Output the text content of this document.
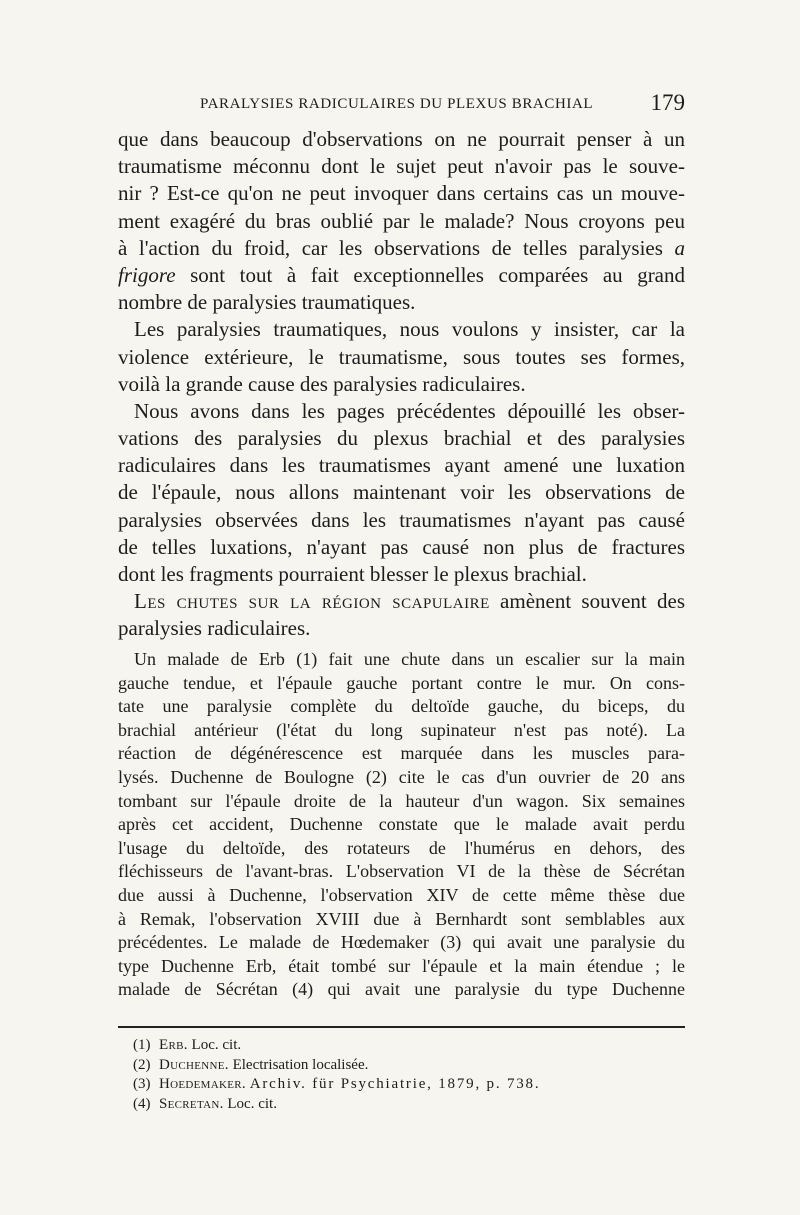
PARALYSIES RADICULAIRES DU PLEXUS BRACHIAL 179
que dans beaucoup d'observations on ne pourrait penser à un
traumatisme méconnu dont le sujet peut n'avoir pas le souve-
nir ? Est-ce qu'on ne peut invoquer dans certains cas un mouve-
ment exagéré du bras oublié par le malade? Nous croyons peu
à l'action du froid, car les observations de telles paralysies a
frigore sont tout à fait exceptionnelles comparées au grand
nombre de paralysies traumatiques.
Les paralysies traumatiques, nous voulons y insister, car la
violence extérieure, le traumatisme, sous toutes ses formes,
voilà la grande cause des paralysies radiculaires.
Nous avons dans les pages précédentes dépouillé les obser-
vations des paralysies du plexus brachial et des paralysies
radiculaires dans les traumatismes ayant amené une luxation
de l'épaule, nous allons maintenant voir les observations de
paralysies observées dans les traumatismes n'ayant pas causé
de telles luxations, n'ayant pas causé non plus de fractures
dont les fragments pourraient blesser le plexus brachial.
Les chutes sur la région scapulaire amènent souvent des
paralysies radiculaires.
Un malade de Erb (1) fait une chute dans un escalier sur la main
gauche tendue, et l'épaule gauche portant contre le mur. On cons-
tate une paralysie complète du deltoïde gauche, du biceps, du
brachial antérieur (l'état du long supinateur n'est pas noté). La
réaction de dégénérescence est marquée dans les muscles para-
lysés. Duchenne de Boulogne (2) cite le cas d'un ouvrier de 20 ans
tombant sur l'épaule droite de la hauteur d'un wagon. Six semaines
après cet accident, Duchenne constate que le malade avait perdu
l'usage du deltoïde, des rotateurs de l'humérus en dehors, des
fléchisseurs de l'avant-bras. L'observation VI de la thèse de Sécrétan
due aussi à Duchenne, l'observation XIV de cette même thèse due
à Remak, l'observation XVIII due à Bernhardt sont semblables aux
précédentes. Le malade de Hœdemaker (3) qui avait une paralysie du
type Duchenne Erb, était tombé sur l'épaule et la main étendue ; le
malade de Sécrétan (4) qui avait une paralysie du type Duchenne
(1) Erb. Loc. cit.
(2) Duchenne. Electrisation localisée.
(3) Hoedemaker. Archiv. für Psychiatrie, 1879, p. 738.
(4) Secretan. Loc. cit.
